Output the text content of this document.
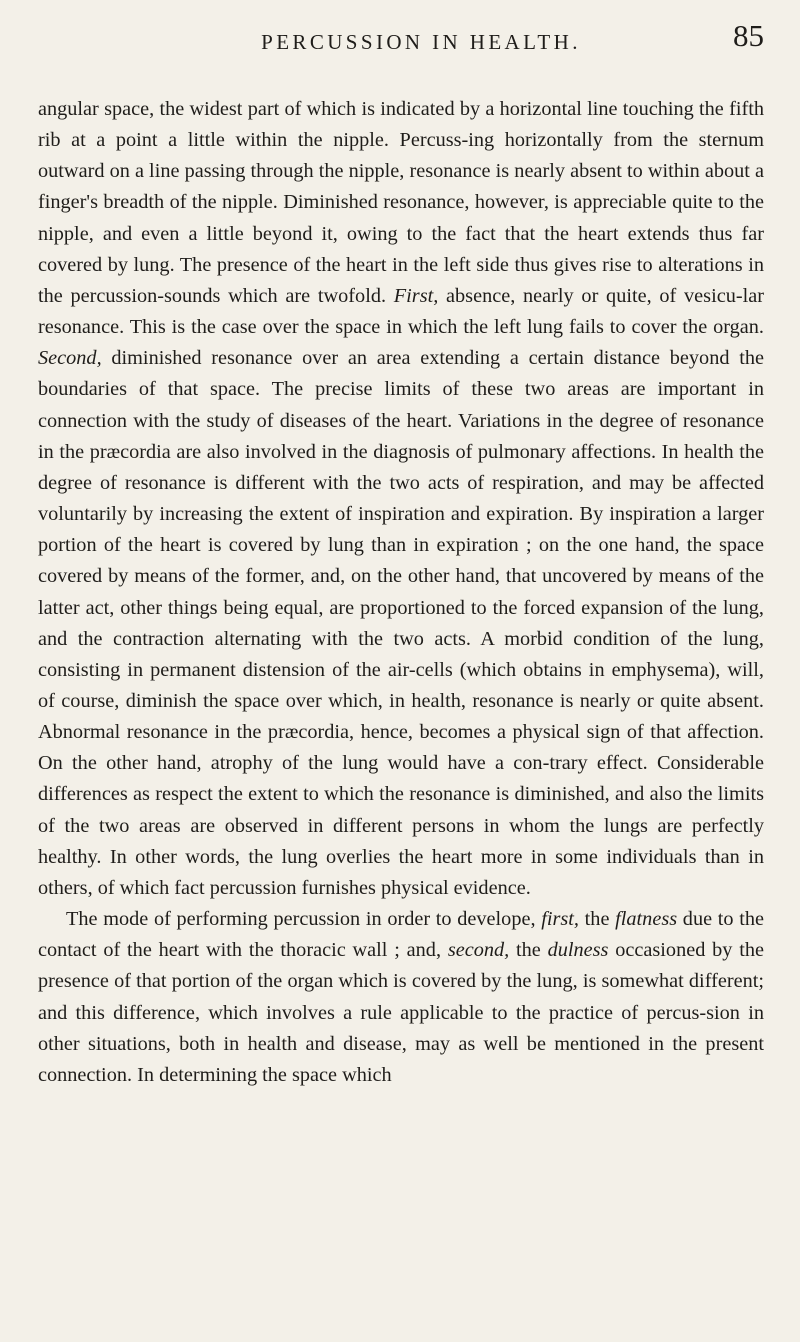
PERCUSSION IN HEALTH.	85

angular space, the widest part of which is indicated by a horizontal line touching the fifth rib at a point a little within the nipple. Percuss-ing horizontally from the sternum outward on a line passing through the nipple, resonance is nearly absent to within about a finger's breadth of the nipple. Diminished resonance, however, is appreciable quite to the nipple, and even a little beyond it, owing to the fact that the heart extends thus far covered by lung. The presence of the heart in the left side thus gives rise to alterations in the percussion-sounds which are twofold. First, absence, nearly or quite, of vesicu-lar resonance. This is the case over the space in which the left lung fails to cover the organ. Second, diminished resonance over an area extending a certain distance beyond the boundaries of that space. The precise limits of these two areas are important in connection with the study of diseases of the heart. Variations in the degree of resonance in the præcordia are also involved in the diagnosis of pulmonary affections. In health the degree of resonance is different with the two acts of respiration, and may be affected voluntarily by increasing the extent of inspiration and expiration. By inspiration a larger portion of the heart is covered by lung than in expiration ; on the one hand, the space covered by means of the former, and, on the other hand, that uncovered by means of the latter act, other things being equal, are proportioned to the forced expansion of the lung, and the contraction alternating with the two acts. A morbid condition of the lung, consisting in permanent distension of the air-cells (which obtains in emphysema), will, of course, diminish the space over which, in health, resonance is nearly or quite absent. Abnormal resonance in the præcordia, hence, becomes a physical sign of that affection. On the other hand, atrophy of the lung would have a con-trary effect. Considerable differences as respect the extent to which the resonance is diminished, and also the limits of the two areas are observed in different persons in whom the lungs are perfectly healthy. In other words, the lung overlies the heart more in some individuals than in others, of which fact percussion furnishes physical evidence.

The mode of performing percussion in order to develope, first, the flatness due to the contact of the heart with the thoracic wall ; and, second, the dulness occasioned by the presence of that portion of the organ which is covered by the lung, is somewhat different; and this difference, which involves a rule applicable to the practice of percus-sion in other situations, both in health and disease, may as well be mentioned in the present connection. In determining the space which
